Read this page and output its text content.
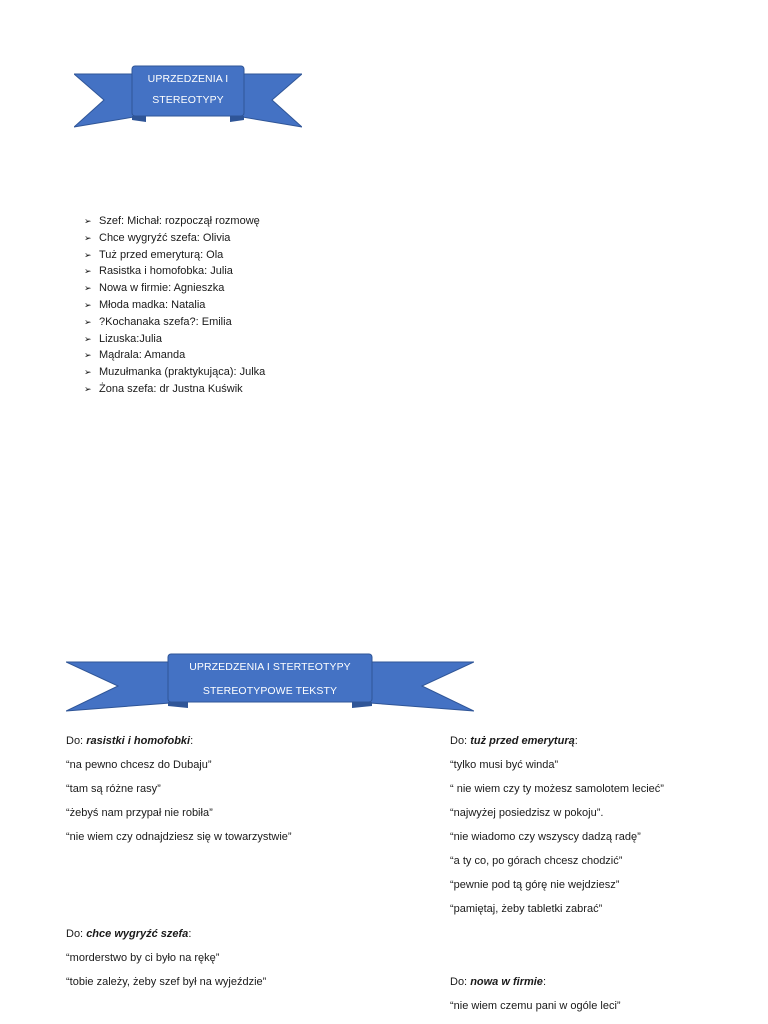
UPRZEDZENIA I
STEREOTYPY
➢ Szef: Michał: rozpoczął rozmowę
➢ Chce wygryźć szefa: Olivia
➢ Tuż przed emeryturą: Ola
➢ Rasistka i homofobka: Julia
➢ Nowa w firmie: Agnieszka
➢ Młoda madka: Natalia
➢ ?Kochanaka szefa?: Emilia
➢ Lizuska:Julia
➢ Mądrala: Amanda
➢ Muzułmanka (praktykująca): Julka
➢ Żona szefa: dr Justna Kuświk
UPRZEDZENIA I STERTEOTYPY
STEREOTYPOWE TEKSTY
Do: rasistki i homofobki:
“na pewno chcesz do Dubaju”
“tam są różne rasy”
“żebyś nam przypał nie robiła”
“nie wiem czy odnajdziesz się w towarzystwie”
Do: chce wygryźć szefa:
“morderstwo by ci było na rękę”
“tobie zależy, żeby szef był na wyjeździe”
Do: tuż przed emeryturą:
“tylko musi być winda”
“ nie wiem czy ty możesz samolotem lecieć”
“najwyżej posiedzisz w pokoju”.
“nie wiadomo czy wszyscy dadzą radę”
“a ty co, po górach chcesz chodzić”
“pewnie pod tą górę nie wejdziesz”
“pamiętaj, żeby tabletki zabrać”
Do: nowa w firmie:
“nie wiem czemu pani w ogóle leci”
